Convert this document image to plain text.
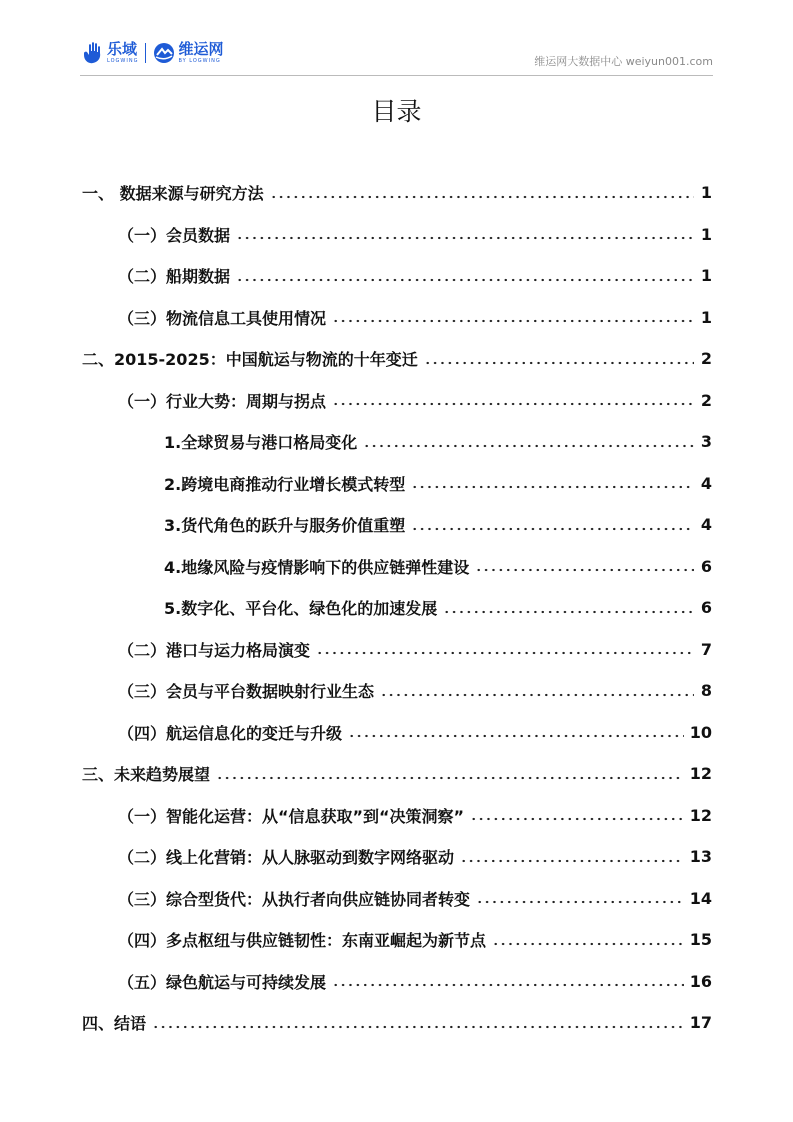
乐域
LOGWING
维运网
BY LOGWING	维运网大数据中心 weiyun001.com
目录
一、 数据来源与研究方法	1
（一）会员数据	1
（二）船期数据	1
（三）物流信息工具使用情况	1
二、2015-2025：中国航运与物流的十年变迁	2
（一）行业大势：周期与拐点	2
1.全球贸易与港口格局变化	3
2.跨境电商推动行业增长模式转型	4
3.货代角色的跃升与服务价值重塑	4
4.地缘风险与疫情影响下的供应链弹性建设	6
5.数字化、平台化、绿色化的加速发展	6
（二）港口与运力格局演变	7
（三）会员与平台数据映射行业生态	8
（四）航运信息化的变迁与升级	10
三、未来趋势展望	12
（一）智能化运营：从“信息获取”到“决策洞察”	12
（二）线上化营销：从人脉驱动到数字网络驱动	13
（三）综合型货代：从执行者向供应链协同者转变	14
（四）多点枢纽与供应链韧性：东南亚崛起为新节点	15
（五）绿色航运与可持续发展	16
四、结语	17
